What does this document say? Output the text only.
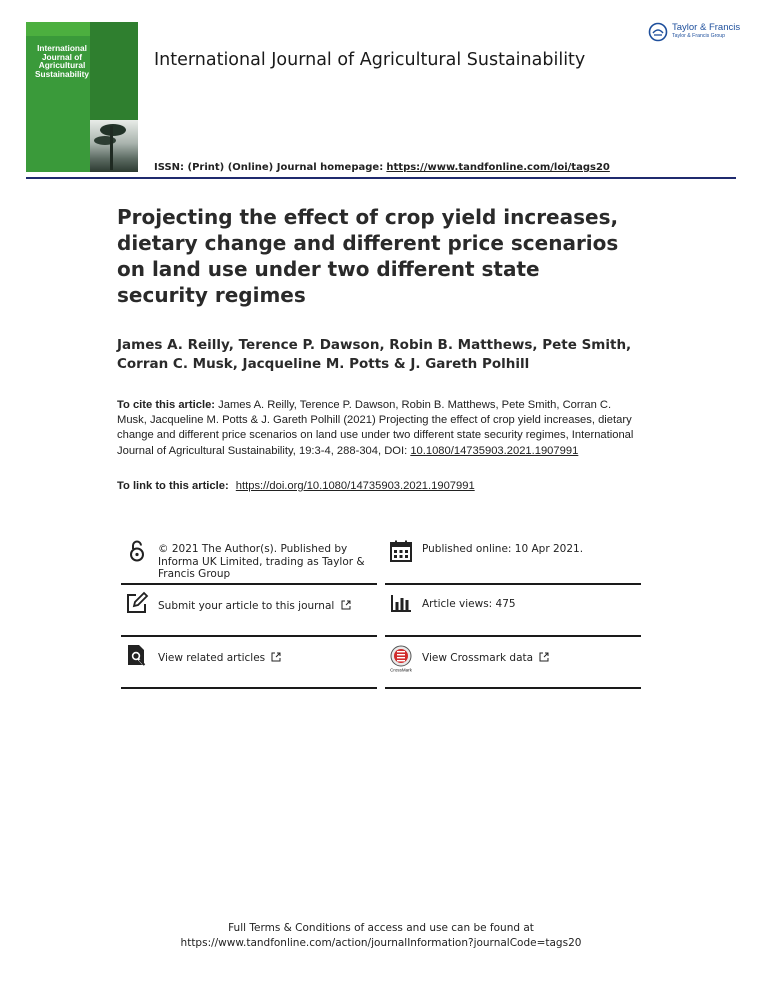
International Journal of Agricultural Sustainability
International Journal of Agricultural Sustainability
ISSN: (Print) (Online) Journal homepage: https://www.tandfonline.com/loi/tags20
Taylor & Francis
Taylor & Francis Group
Projecting the effect of crop yield increases, dietary change and different price scenarios on land use under two different state security regimes
James A. Reilly, Terence P. Dawson, Robin B. Matthews, Pete Smith, Corran C. Musk, Jacqueline M. Potts & J. Gareth Polhill
To cite this article: James A. Reilly, Terence P. Dawson, Robin B. Matthews, Pete Smith, Corran C. Musk, Jacqueline M. Potts & J. Gareth Polhill (2021) Projecting the effect of crop yield increases, dietary change and different price scenarios on land use under two different state security regimes, International Journal of Agricultural Sustainability, 19:3-4, 288-304, DOI: 10.1080/14735903.2021.1907991
To link to this article: https://doi.org/10.1080/14735903.2021.1907991
© 2021 The Author(s). Published by Informa UK Limited, trading as Taylor & Francis Group
Published online: 10 Apr 2021.
Submit your article to this journal	Article views: 475
View related articles
CrossMark
View Crossmark data
Full Terms & Conditions of access and use can be found at
https://www.tandfonline.com/action/journalInformation?journalCode=tags20
